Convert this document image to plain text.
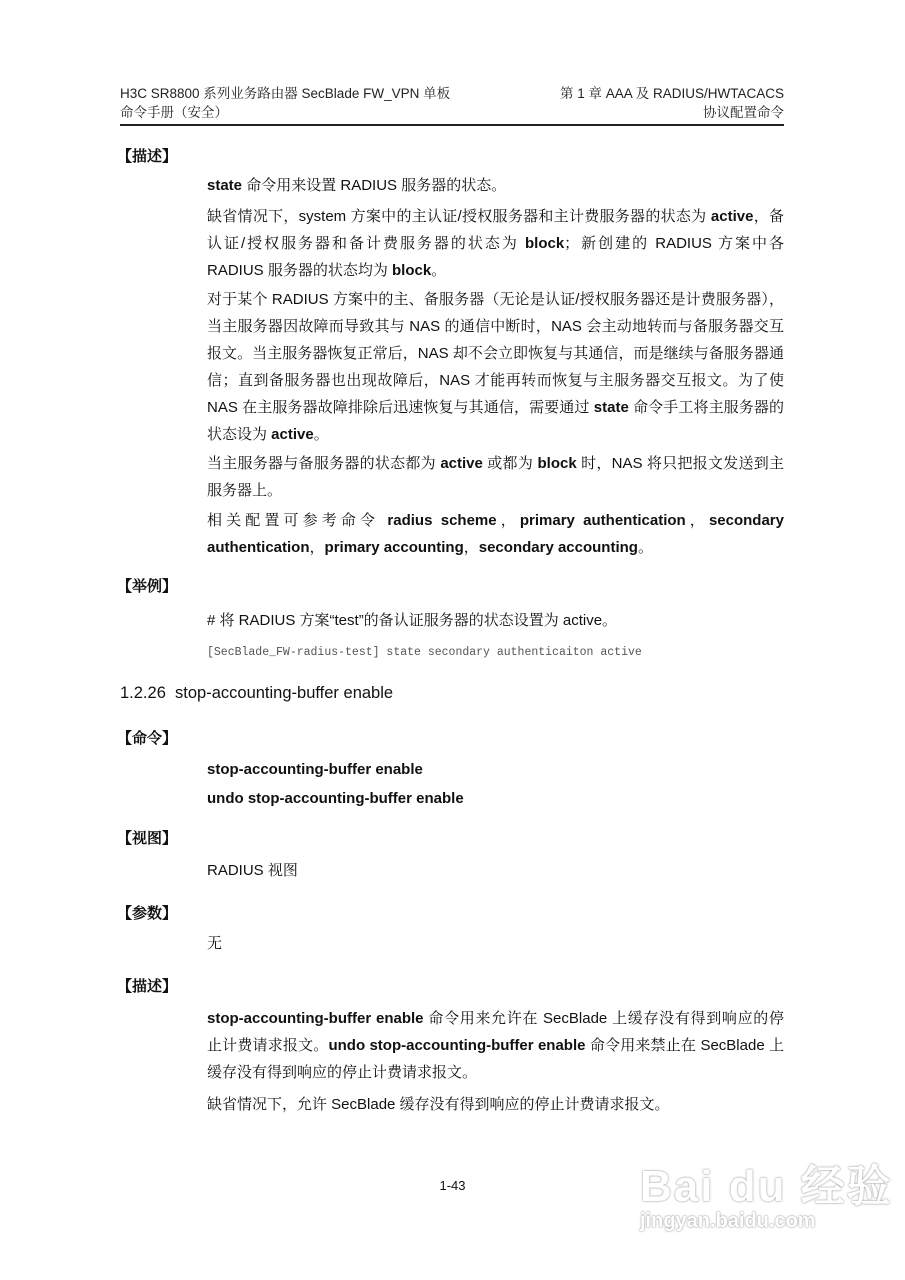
H3C SR8800 系列业务路由器 SecBlade FW_VPN 单板
命令手册（安全）
第 1 章 AAA 及 RADIUS/HWTACACS
协议配置命令
【描述】
state 命令用来设置 RADIUS 服务器的状态。
缺省情况下，system 方案中的主认证/授权服务器和主计费服务器的状态为 active，备认证/授权服务器和备计费服务器的状态为 block；新创建的 RADIUS 方案中各 RADIUS 服务器的状态均为 block。
对于某个 RADIUS 方案中的主、备服务器（无论是认证/授权服务器还是计费服务器），当主服务器因故障而导致其与 NAS 的通信中断时，NAS 会主动地转而与备服务器交互报文。当主服务器恢复正常后，NAS 却不会立即恢复与其通信，而是继续与备服务器通信；直到备服务器也出现故障后，NAS 才能再转而恢复与主服务器交互报文。为了使 NAS 在主服务器故障排除后迅速恢复与其通信，需要通过 state 命令手工将主服务器的状态设为 active。
当主服务器与备服务器的状态都为 active 或都为 block 时，NAS 将只把报文发送到主服务器上。
相关配置可参考命令 radius scheme，primary authentication，secondary authentication，primary accounting，secondary accounting。
【举例】
# 将 RADIUS 方案“test”的备认证服务器的状态设置为 active。
[SecBlade_FW-radius-test] state secondary authenticaiton active
1.2.26 stop-accounting-buffer enable
【命令】
stop-accounting-buffer enable
undo stop-accounting-buffer enable
【视图】
RADIUS 视图
【参数】
无
【描述】
stop-accounting-buffer enable 命令用来允许在 SecBlade 上缓存没有得到响应的停止计费请求报文。undo stop-accounting-buffer enable 命令用来禁止在 SecBlade 上缓存没有得到响应的停止计费请求报文。
缺省情况下，允许 SecBlade 缓存没有得到响应的停止计费请求报文。
1-43	Bai du 经验
jingyan.baidu.com
